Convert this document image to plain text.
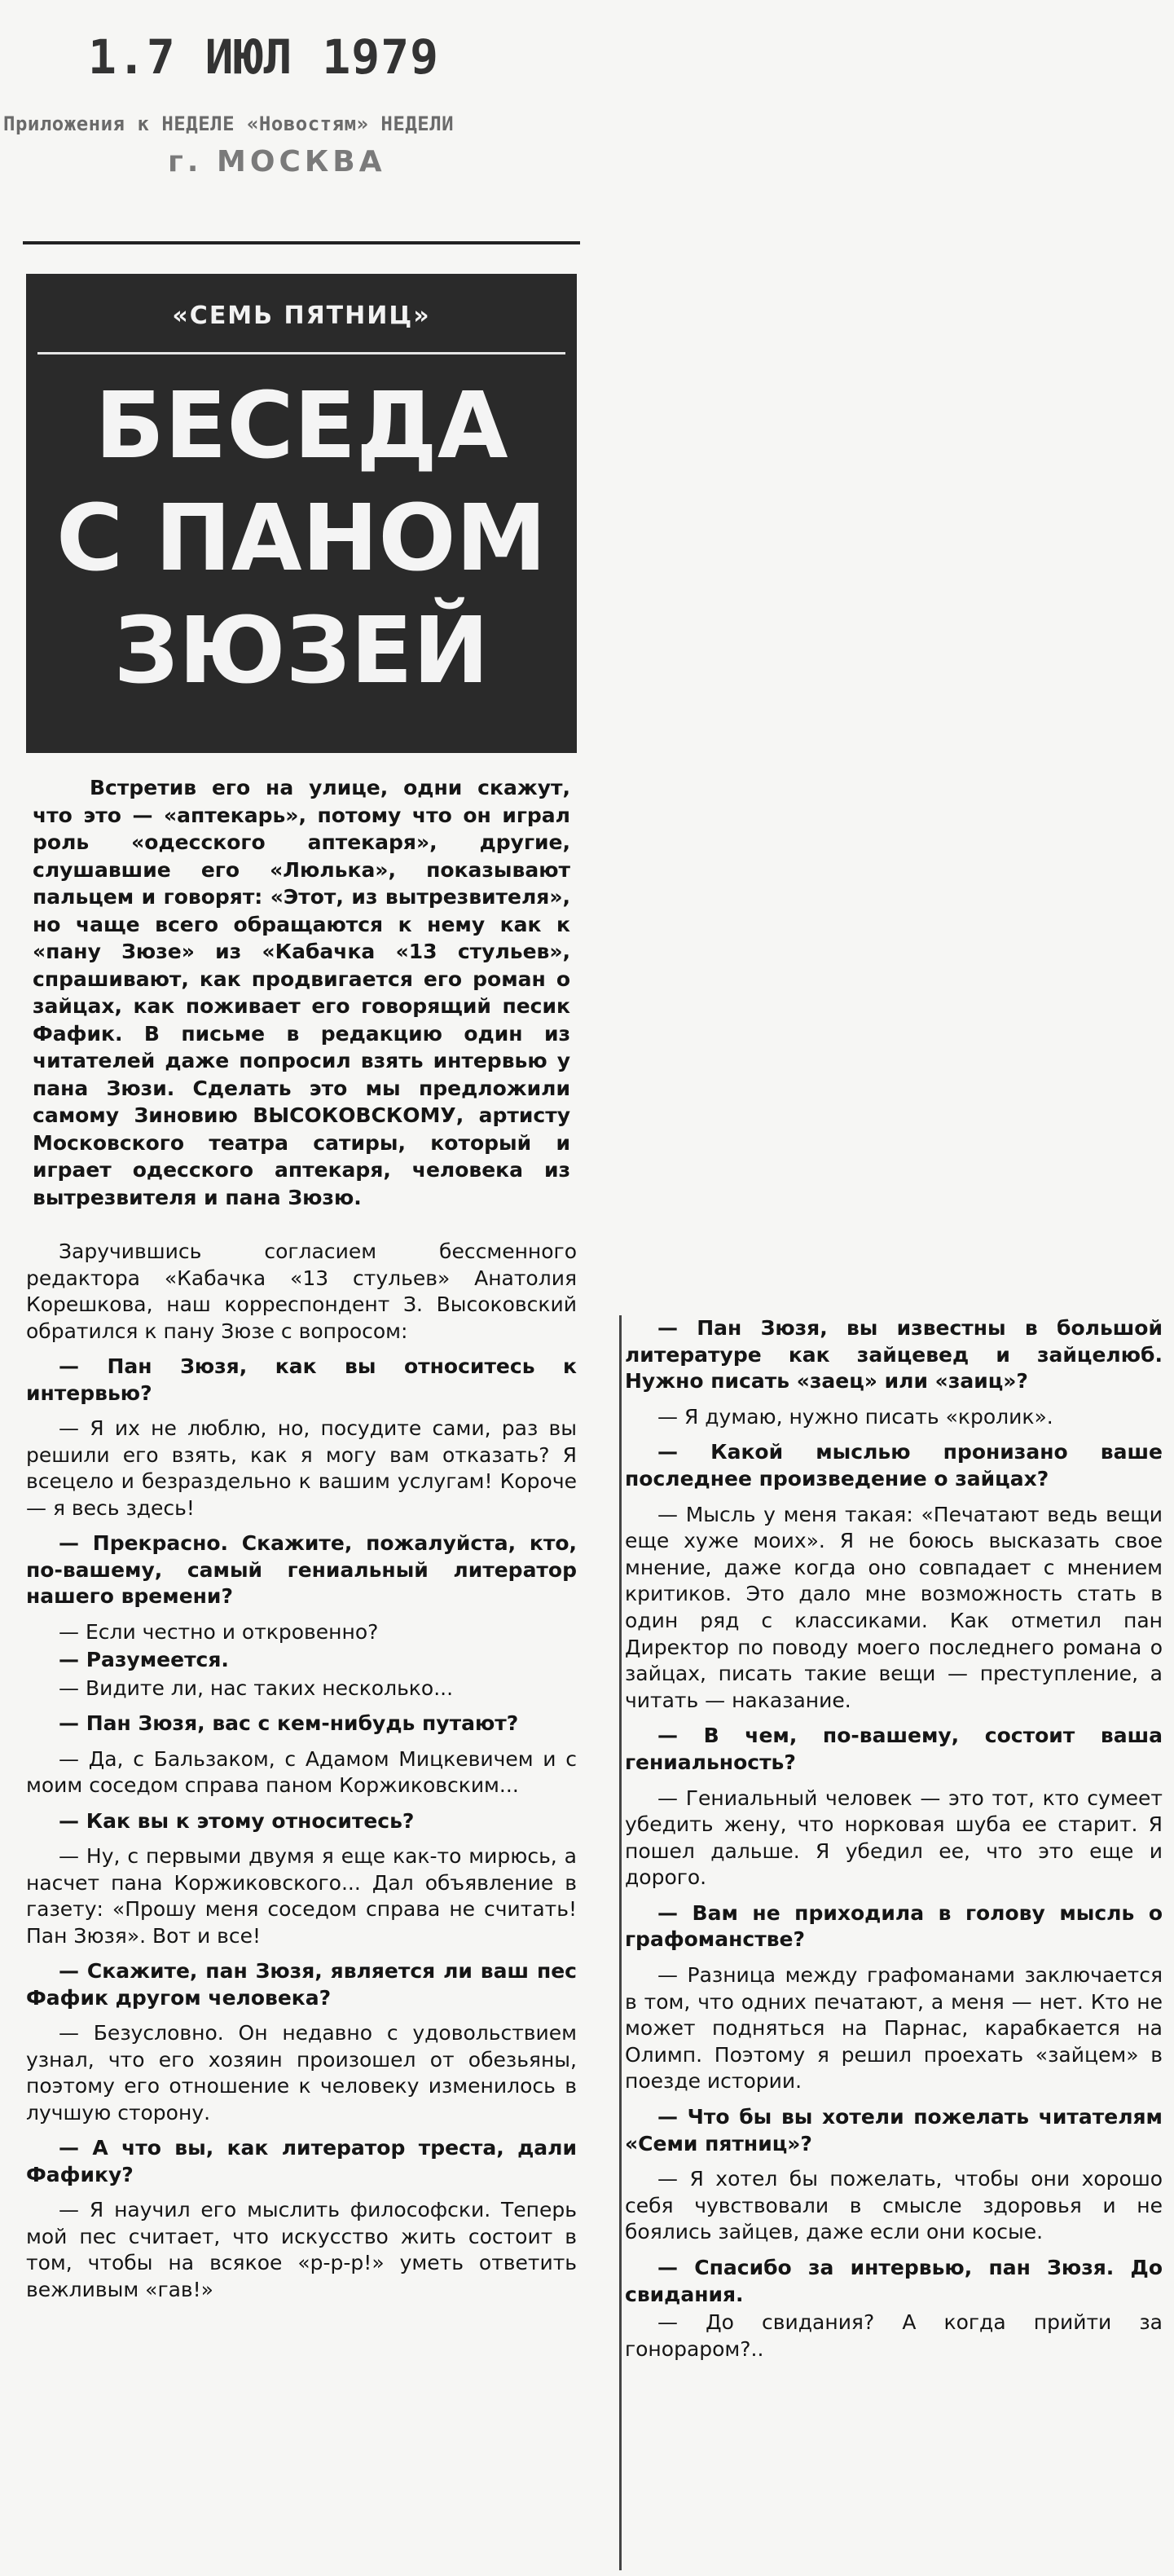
1.7 ИЮЛ 1979
Приложения к НЕДЕЛЕ «Новостям» НЕДЕЛИ
г. МОСКВА
«СЕМЬ ПЯТНИЦ»
БЕСЕДА
С ПАНОМ
ЗЮЗЕЙ

Встретив его на улице, одни скажут, что это — «аптекарь», потому что он играл роль «одесского аптекаря», другие, слушавшие его «Люлька», показывают пальцем и говорят: «Этот, из вытрезвителя», но чаще всего обращаются к нему как к «пану Зюзе» из «Кабачка «13 стульев», спрашивают, как продвигается его роман о зайцах, как поживает его говорящий песик Фафик. В письме в редакцию один из читателей даже попросил взять интервью у пана Зюзи. Сделать это мы предложили самому Зиновию ВЫСОКОВСКОМУ, артисту Московского театра сатиры, который и играет одесского аптекаря, человека из вытрезвителя и пана Зюзю.

Заручившись согласием бессменного редактора «Кабачка «13 стульев» Анатолия Корешкова, наш корреспондент З. Высоковский обратился к пану Зюзе с вопросом:

— Пан Зюзя, как вы относитесь к интервью?

— Я их не люблю, но, посудите сами, раз вы решили его взять, как я могу вам отказать? Я всецело и безраздельно к вашим услугам! Короче — я весь здесь!

— Прекрасно. Скажите, пожалуйста, кто, по-вашему, самый гениальный литератор нашего времени?

— Если честно и откровенно?

— Разумеется.

— Видите ли, нас таких несколько...

— Пан Зюзя, вас с кем-нибудь путают?

— Да, с Бальзаком, с Адамом Мицкевичем и с моим соседом справа паном Коржиковским...

— Как вы к этому относитесь?

— Ну, с первыми двумя я еще как-то мирюсь, а насчет пана Коржиковского... Дал объявление в газету: «Прошу меня соседом справа не считать! Пан Зюзя». Вот и все!

— Скажите, пан Зюзя, является ли ваш пес Фафик другом человека?

— Безусловно. Он недавно с удовольствием узнал, что его хозяин произошел от обезьяны, поэтому его отношение к человеку изменилось в лучшую сторону.

— А что вы, как литератор треста, дали Фафику?

— Я научил его мыслить философски. Теперь мой пес считает, что искусство жить состоит в том, чтобы на всякое «р-р-р!» уметь ответить вежливым «гав!»

— Пан Зюзя, вы известны в большой литературе как зайцевед и зайцелюб. Нужно писать «заец» или «заиц»?

— Я думаю, нужно писать «кролик».

— Какой мыслью пронизано ваше последнее произведение о зайцах?

— Мысль у меня такая: «Печатают ведь вещи еще хуже моих». Я не боюсь высказать свое мнение, даже когда оно совпадает с мнением критиков. Это дало мне возможность стать в один ряд с классиками. Как отметил пан Директор по поводу моего последнего романа о зайцах, писать такие вещи — преступление, а читать — наказание.

— В чем, по-вашему, состоит ваша гениальность?

— Гениальный человек — это тот, кто сумеет убедить жену, что норковая шуба ее старит. Я пошел дальше. Я убедил ее, что это еще и дорого.

— Вам не приходила в голову мысль о графоманстве?

— Разница между графоманами заключается в том, что одних печатают, а меня — нет. Кто не может подняться на Парнас, карабкается на Олимп. Поэтому я решил проехать «зайцем» в поезде истории.

— Что бы вы хотели пожелать читателям «Семи пятниц»?

— Я хотел бы пожелать, чтобы они хорошо себя чувствовали в смысле здоровья и не боялись зайцев, даже если они косые.

— Спасибо за интервью, пан Зюзя. До свидания.

— До свидания? А когда прийти за гонораром?..
